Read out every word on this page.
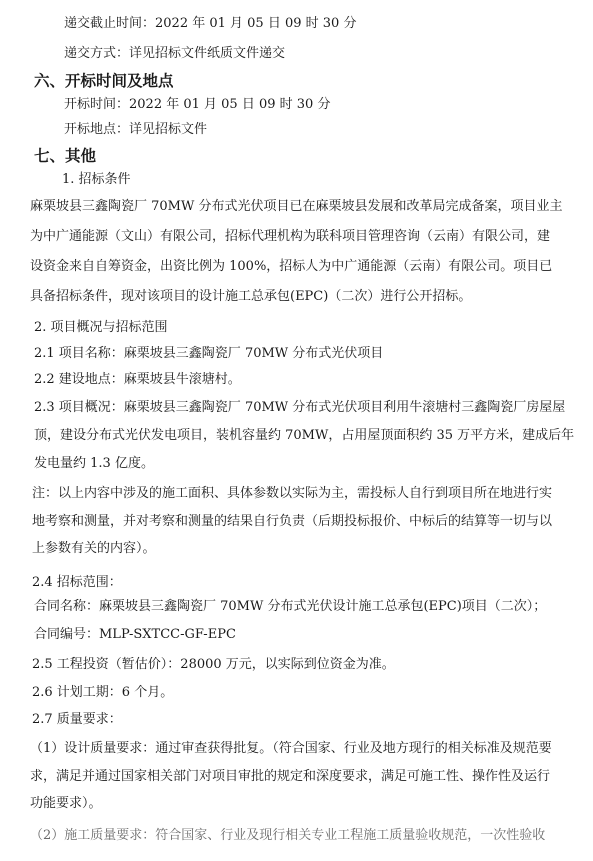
递交截止时间：2022 年 01 月 05 日 09 时 30 分
递交方式：详见招标文件纸质文件递交
六、开标时间及地点
开标时间：2022 年 01 月 05 日 09 时 30 分
开标地点：详见招标文件
七、其他
1. 招标条件
麻栗坡县三鑫陶瓷厂 70MW 分布式光伏项目已在麻栗坡县发展和改革局完成备案，项目业主
为中广通能源（文山）有限公司，招标代理机构为联科项目管理咨询（云南）有限公司，建
设资金来自自筹资金，出资比例为 100%，招标人为中广通能源（云南）有限公司。项目已
具备招标条件，现对该项目的设计施工总承包(EPC)（二次）进行公开招标。
2. 项目概况与招标范围
2.1 项目名称：麻栗坡县三鑫陶瓷厂 70MW 分布式光伏项目
2.2 建设地点：麻栗坡县牛滚塘村。
2.3 项目概况：麻栗坡县三鑫陶瓷厂 70MW 分布式光伏项目利用牛滚塘村三鑫陶瓷厂房屋屋
顶，建设分布式光伏发电项目，装机容量约 70MW，占用屋顶面积约 35 万平方米，建成后年
发电量约 1.3 亿度。
注：以上内容中涉及的施工面积、具体参数以实际为主，需投标人自行到项目所在地进行实
地考察和测量，并对考察和测量的结果自行负责（后期投标报价、中标后的结算等一切与以
上参数有关的内容）。
2.4 招标范围：
合同名称：麻栗坡县三鑫陶瓷厂 70MW 分布式光伏设计施工总承包(EPC)项目（二次）；
合同编号：MLP-SXTCC-GF-EPC
2.5 工程投资（暂估价）：28000 万元，以实际到位资金为准。
2.6 计划工期：6 个月。
2.7 质量要求：
（1）设计质量要求：通过审查获得批复。（符合国家、行业及地方现行的相关标准及规范要
求，满足并通过国家相关部门对项目审批的规定和深度要求，满足可施工性、操作性及运行
功能要求）。
（2）施工质量要求：符合国家、行业及现行相关专业工程施工质量验收规范，一次性验收
